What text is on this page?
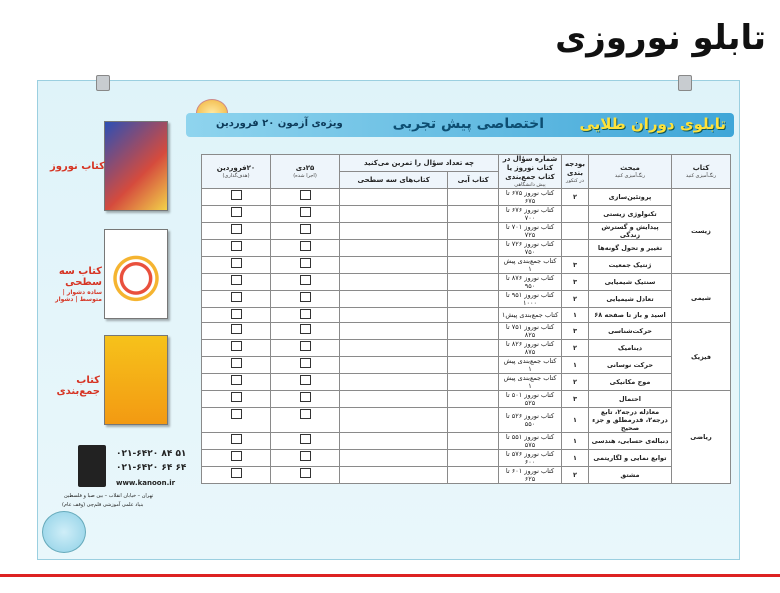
تابلو نوروزی
تابلوی دوران طلایی
اختصاصی پیش تجربی
ویژه‌ی آزمون ۲۰ فروردین
کتاب نوروز
کتاب سه سطحی
ساده دشوار | متوسط | دشوار
کتاب جمع‌بندی
۰۲۱-۶۴۲۰ ۸۴ ۵۱
۰۲۱-۶۴۲۰ ۶۴ ۶۴
www.kanoon.ir
تهران – خیابان انقلاب – بین صبا و فلسطین
بنیاد علمی آموزشی قلم‌چی (وقف عام)
کتاب
رنگ‌آمیزی کنید	مبحث
رنگ‌آمیزی کنید	بودجه بندی
در کنکور	شماره سؤال در کتاب نوروز یا کتاب جمع‌بندی
پیش دانشگاهی	چه تعداد سؤال را تمرین می‌کنید		۲۵دی
(اجرا شده)	۲۰فروردین
(هدف‌گذاری)

				کتاب آبی	کتاب‌های سه سطحی		
زیست	پروتئین‌سازی	۲	کتاب نوروز ۶۷۵ تا ۶۷۵			

	تکنولوژی زیستی		کتاب نوروز ۶۷۶ تا ۷۰۰			

	پیدایش و گسترش زندگی		کتاب نوروز ۷۰۱ تا ۷۲۵			

	تغییر و تحول گونه‌ها		کتاب نوروز ۷۲۶ تا ۷۵۰			

	ژنتیک جمعیت	۳	کتاب جمع‌بندی پیش ۱			

شیمی	سنتیک شیمیایی	۳	کتاب نوروز ۸۷۶ تا ۹۵۰			

	تعادل شیمیایی	۲	کتاب نوروز ۹۵۱ تا ۱۰۰۰			

	اسید و باز تا صفحه ۶۸	۱	کتاب جمع‌بندی پیش۱			

فیزیک	حرکت‌شناسی	۳	کتاب نوروز ۷۵۱ تا ۸۲۵			

	دینامیک	۲	کتاب نوروز ۸۲۶ تا ۸۷۵			

	حرکت نوسانی	۱	کتاب جمع‌بندی پیش ۱			

	موج مکانیکی	۲	کتاب جمع‌بندی پیش ۱			

ریاضی	احتمال	۳	کتاب نوروز ۵۰۱ تا ۵۲۵			

	معادله درجه۲، تابع درجه۲، قدرمطلق و جزء صحیح	۱	کتاب نوروز ۵۲۶ تا ۵۵۰			

	دنباله‌ی حسابی، هندسی	۱	کتاب نوروز ۵۵۱ تا ۵۷۵			

	توابع نمایی و لگاریتمی	۱	کتاب نوروز ۵۷۶ تا ۶۰۰			

	مشتق	۲	کتاب نوروز ۶۰۱ تا ۶۲۵			
